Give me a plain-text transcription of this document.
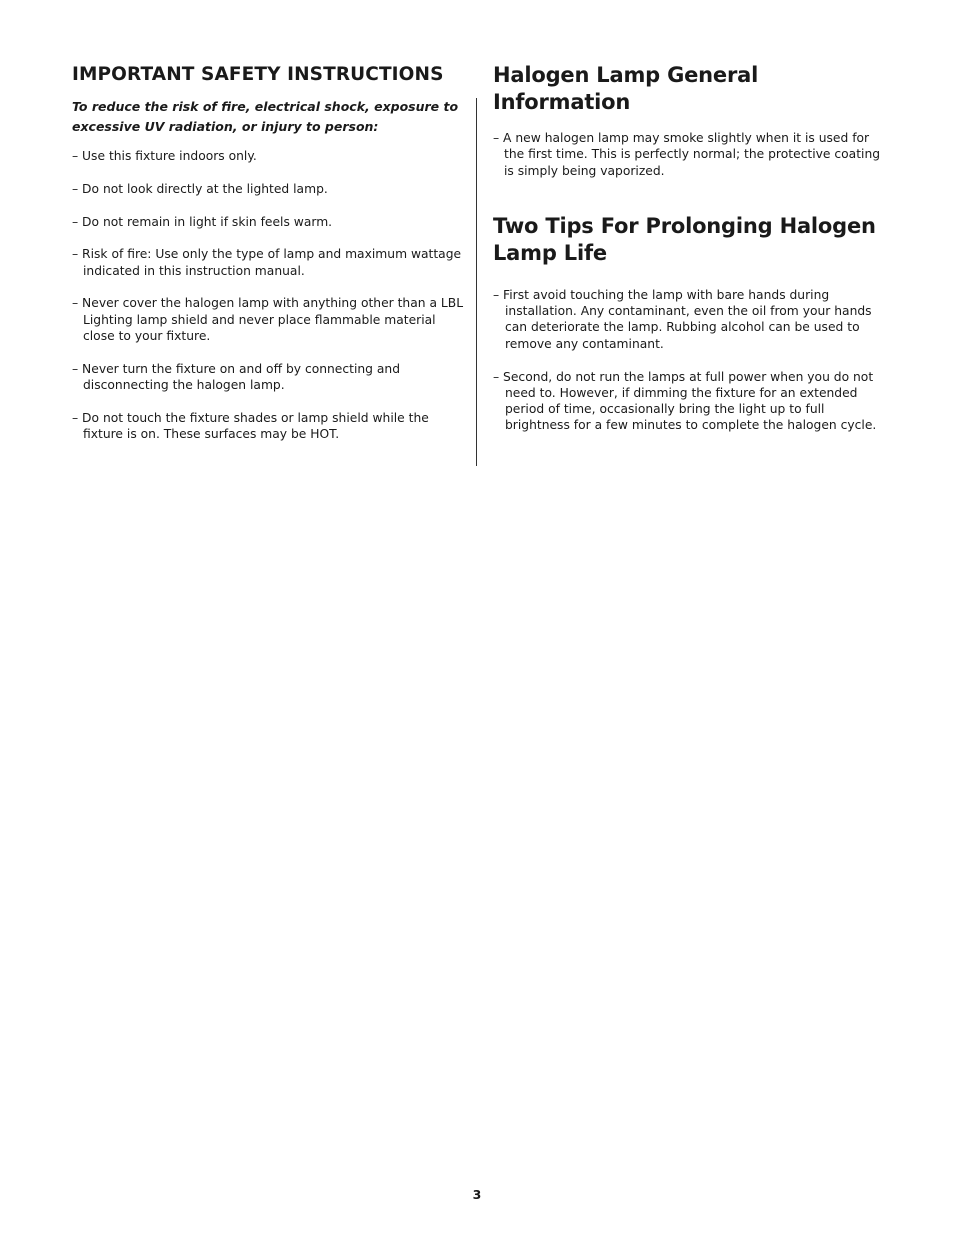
IMPORTANT SAFETY INSTRUCTIONS

To reduce the risk of fire, electrical shock, exposure to excessive UV radiation, or injury to person:

– Use this fixture indoors only.
– Do not look directly at the lighted lamp.
– Do not remain in light if skin feels warm.
– Risk of fire: Use only the type of lamp and maximum wattage indicated in this instruction manual.
– Never cover the halogen lamp with anything other than a LBL Lighting lamp shield and never place flammable material close to your fixture.
– Never turn the fixture on and off by connecting and disconnecting the halogen lamp.
– Do not touch the fixture shades or lamp shield while the fixture is on. These surfaces may be HOT.
Halogen Lamp General Information
– A new halogen lamp may smoke slightly when it is used for the first time. This is perfectly normal; the protective coating is simply being vaporized.
Two Tips For Prolonging Halogen Lamp Life
– First avoid touching the lamp with bare hands during installation. Any contaminant, even the oil from your hands can deteriorate the lamp. Rubbing alcohol can be used to remove any contaminant.
– Second, do not run the lamps at full power when you do not need to. However, if dimming the fixture for an extended period of time, occasionally bring the light up to full brightness for a few minutes to complete the halogen cycle.
3
